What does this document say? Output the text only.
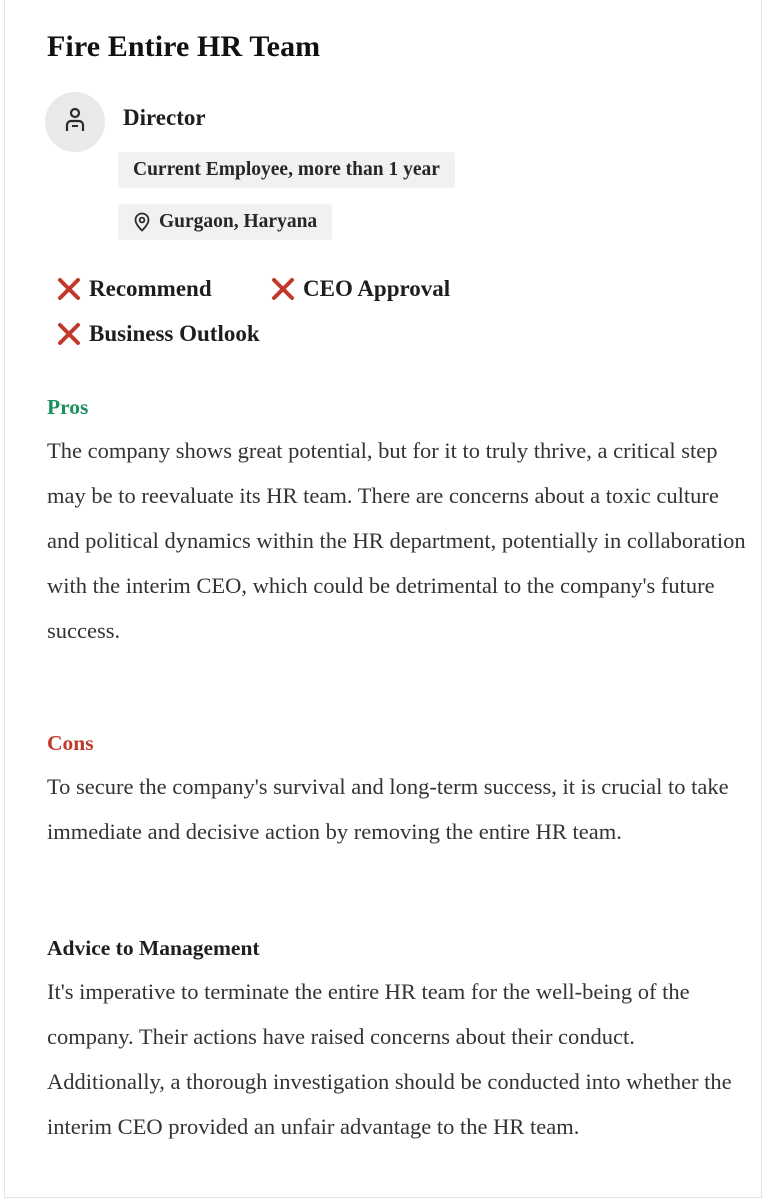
Fire Entire HR Team
Director
Current Employee, more than 1 year
Gurgaon, Haryana
Recommend	CEO Approval
Business Outlook
Pros

The company shows great potential, but for it to truly thrive, a critical step may be to reevaluate its HR team. There are concerns about a toxic culture and political dynamics within the HR department, potentially in collaboration with the interim CEO, which could be detrimental to the company's future success.

Cons

To secure the company's survival and long-term success, it is crucial to take immediate and decisive action by removing the entire HR team.

Advice to Management

It's imperative to terminate the entire HR team for the well-being of the company. Their actions have raised concerns about their conduct. Additionally, a thorough investigation should be conducted into whether the interim CEO provided an unfair advantage to the HR team.
